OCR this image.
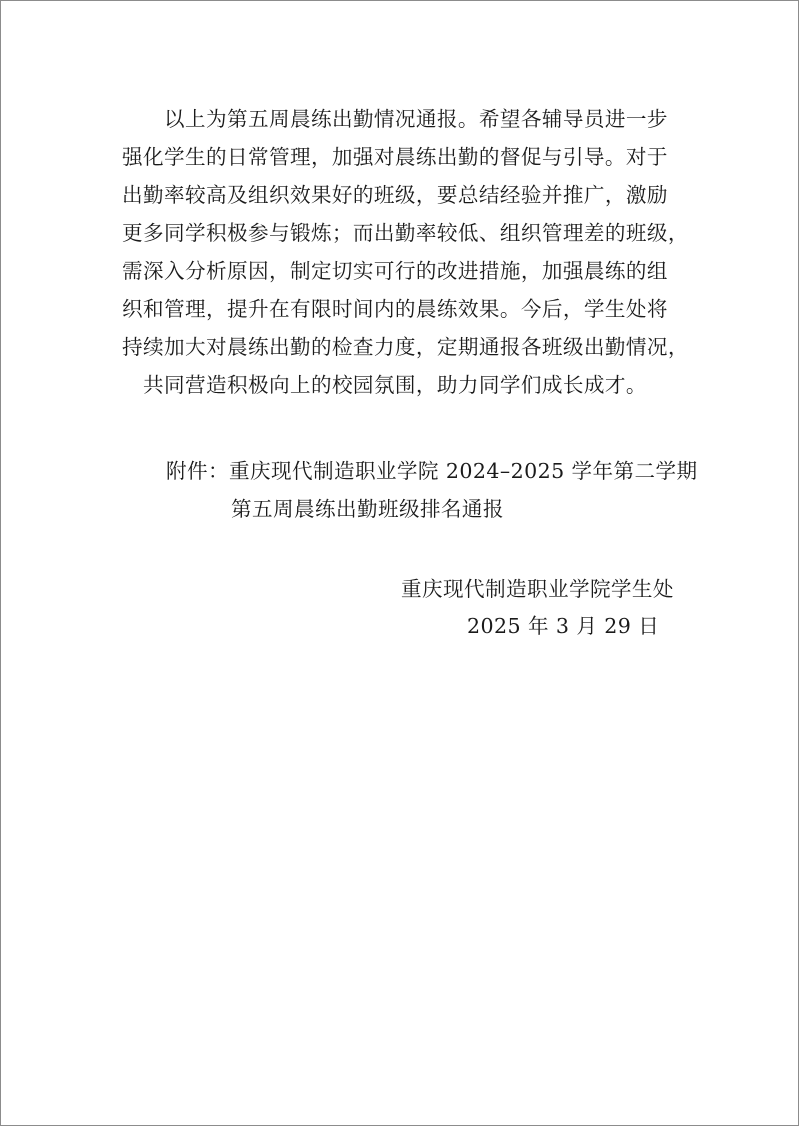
以上为第五周晨练出勤情况通报。希望各辅导员进一步
强化学生的日常管理，加强对晨练出勤的督促与引导。对于
出勤率较高及组织效果好的班级，要总结经验并推广，激励
更多同学积极参与锻炼；而出勤率较低、组织管理差的班级，
需深入分析原因，制定切实可行的改进措施，加强晨练的组
织和管理，提升在有限时间内的晨练效果。今后，学生处将
持续加大对晨练出勤的检查力度，定期通报各班级出勤情况，
共同营造积极向上的校园氛围，助力同学们成长成才。
附件：重庆现代制造职业学院 2024–2025 学年第二学期
第五周晨练出勤班级排名通报
重庆现代制造职业学院学生处
2025 年 3 月 29 日
